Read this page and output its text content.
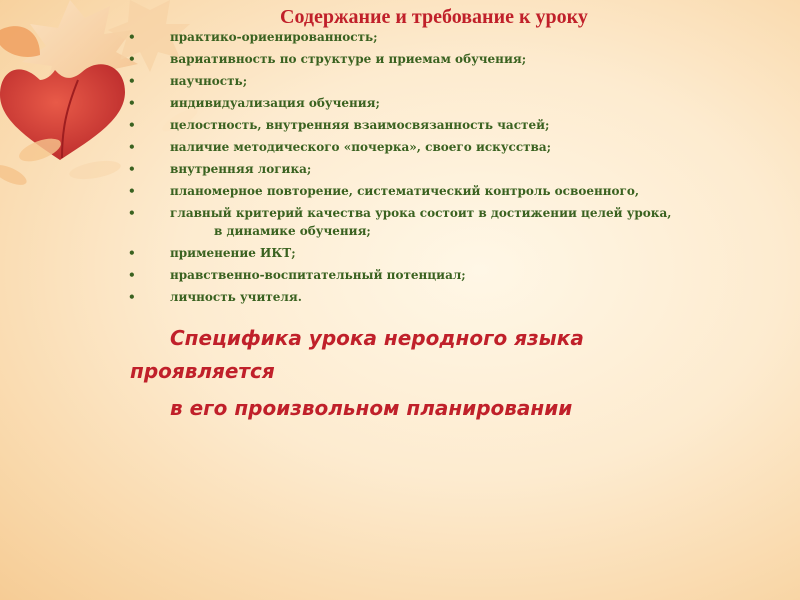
Содержание и требование к уроку
•	практико-ориенированность;
•	вариативность по структуре и приемам обучения;
•	научность;
•	индивидуализация обучения;
•	целостность, внутренняя взаимосвязанность частей;
•	наличие методического «почерка», своего искусства;
•	внутренняя логика;
•	планомерное повторение, систематический контроль освоенного,
•	главный критерий качества урока состоит в достижении целей урока,
в динамике обучения;
•	применение ИКТ;
•	нравственно-воспитательный потенциал;
•	личность учителя.

Специфика урока неродного языка
проявляется
в его произвольном планировании
